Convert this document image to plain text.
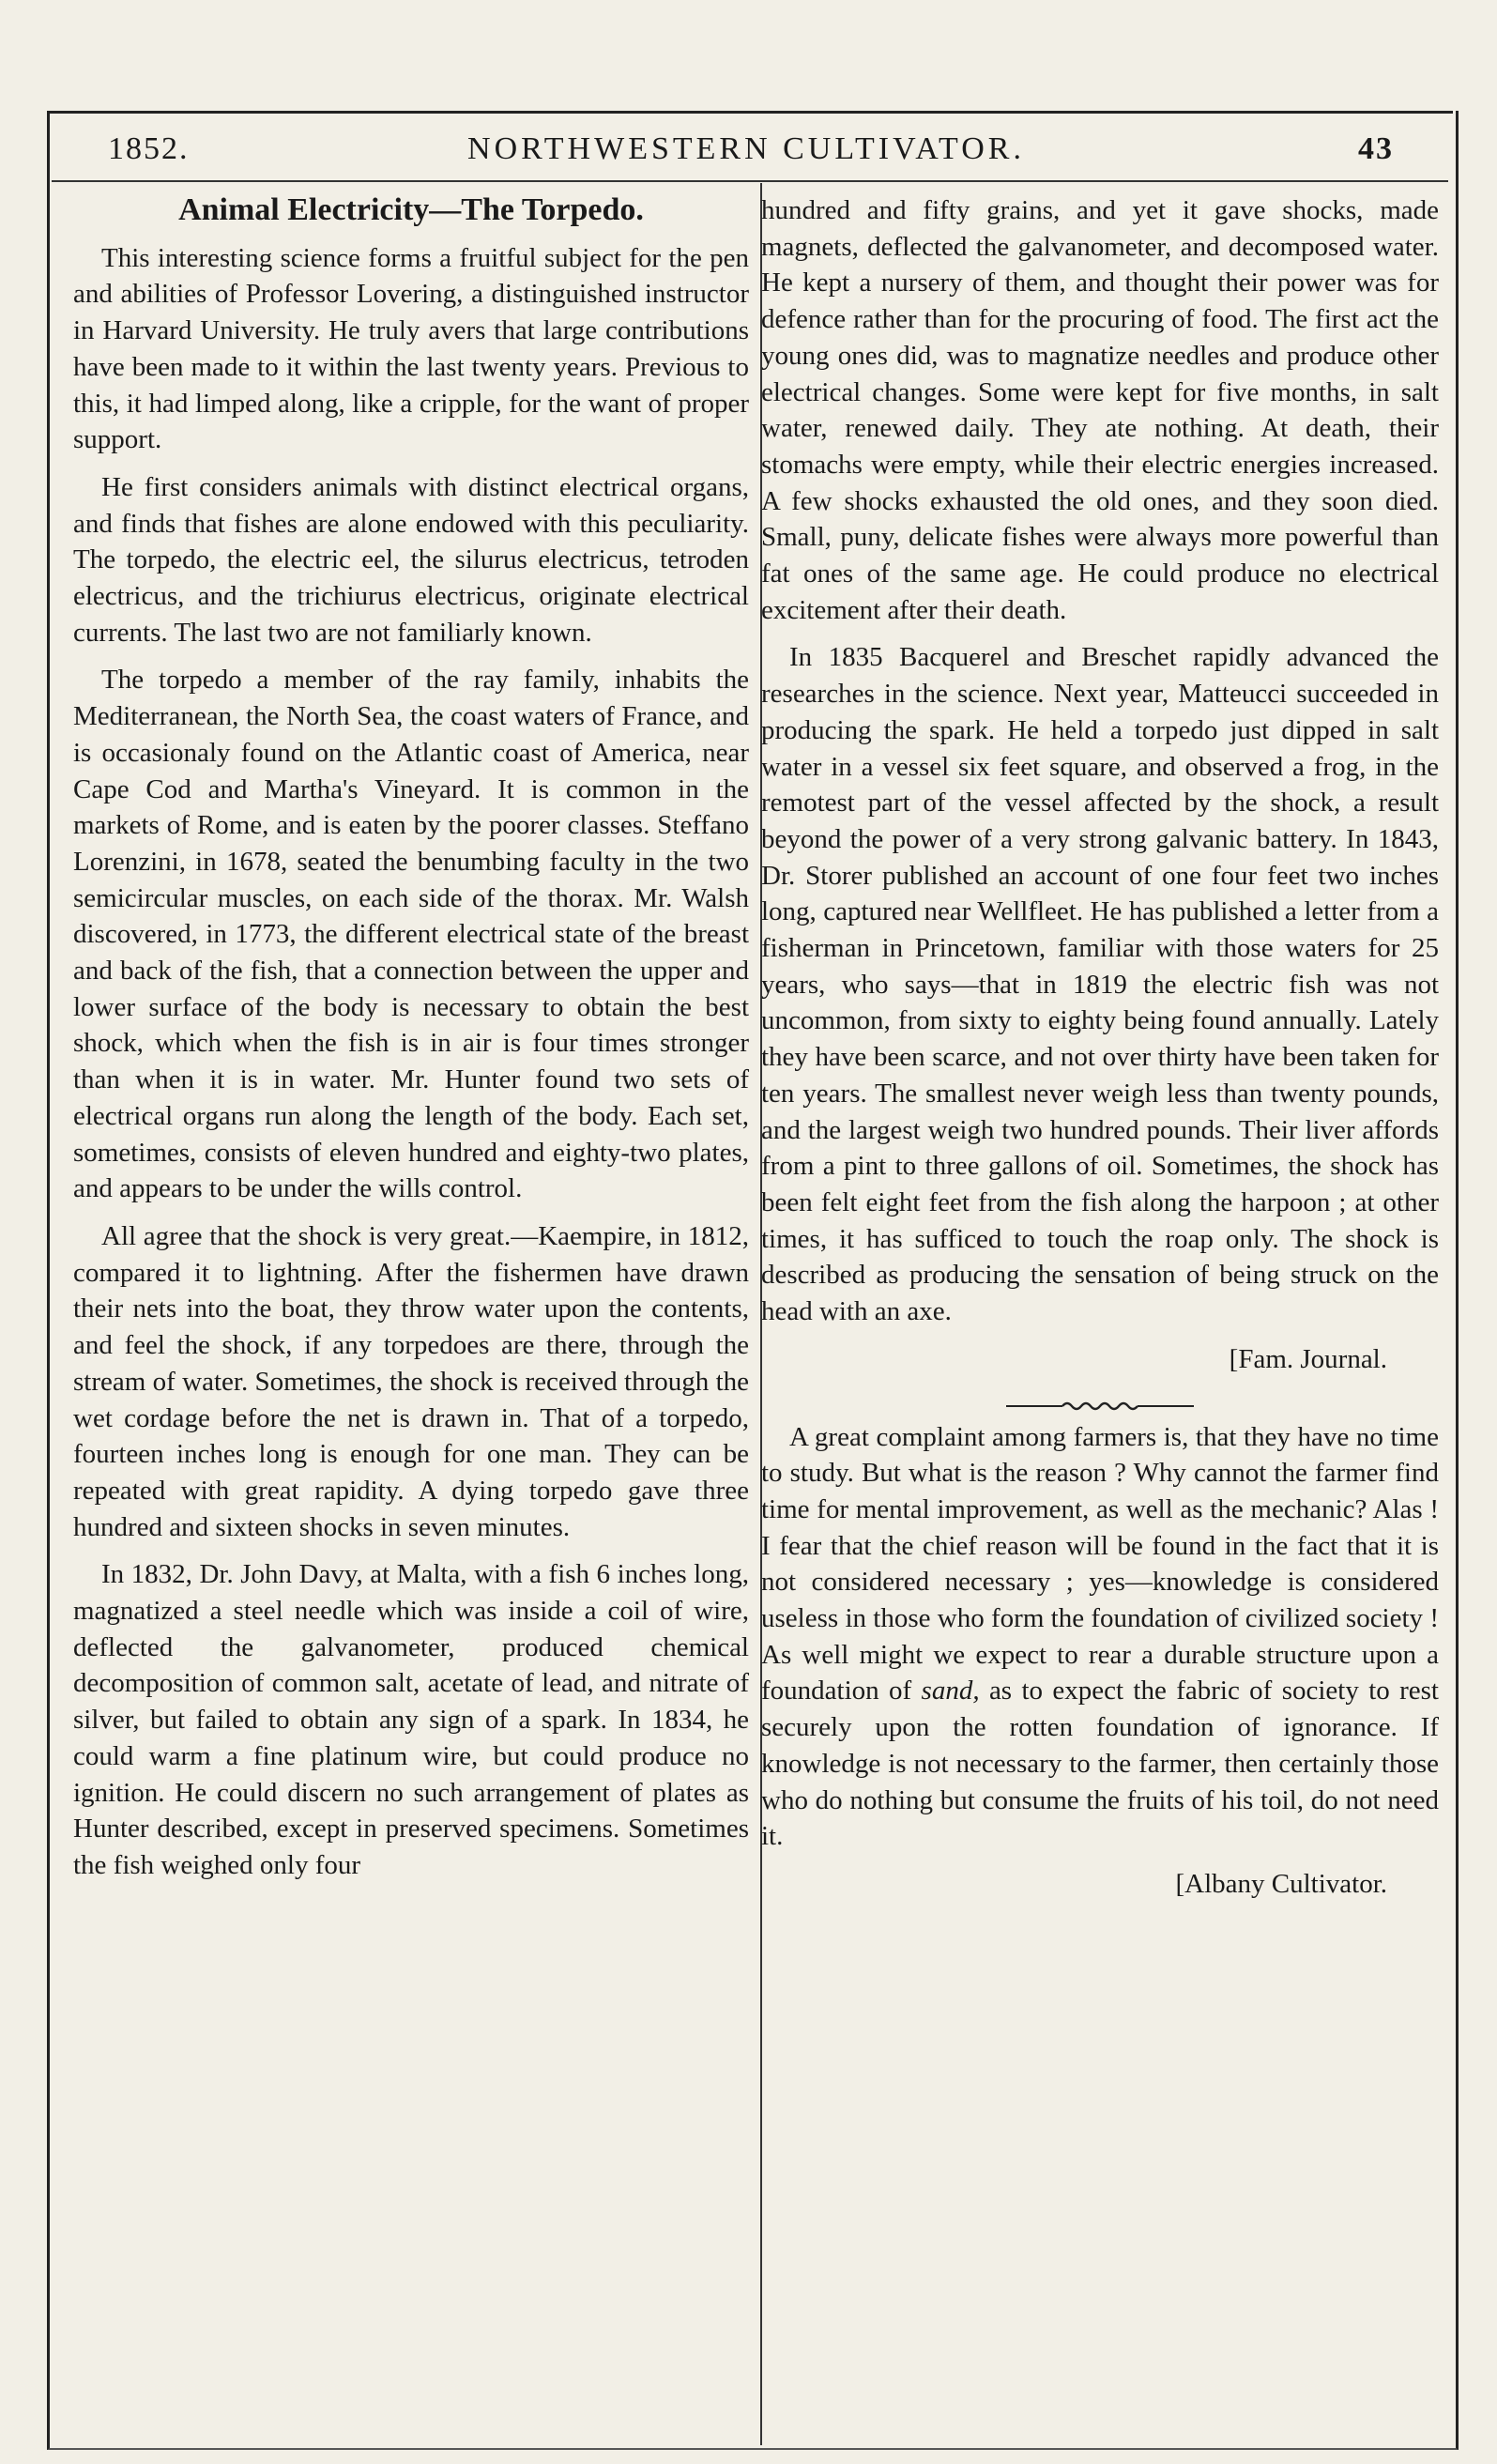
1852.	NORTHWESTERN CULTIVATOR.	43

Animal Electricity—The Torpedo.

This interesting science forms a fruitful subject for the pen and abilities of Professor Lovering, a distinguished instructor in Harvard University. He truly avers that large contributions have been made to it within the last twenty years. Previous to this, it had limped along, like a cripple, for the want of proper support.

He first considers animals with distinct electrical organs, and finds that fishes are alone endowed with this peculiarity. The torpedo, the electric eel, the silurus electricus, tetroden electricus, and the trichiurus electricus, originate electrical currents. The last two are not familiarly known.

The torpedo a member of the ray family, inhabits the Mediterranean, the North Sea, the coast waters of France, and is occasionaly found on the Atlantic coast of America, near Cape Cod and Martha's Vineyard. It is common in the markets of Rome, and is eaten by the poorer classes. Steffano Lorenzini, in 1678, seated the benumbing faculty in the two semicircular muscles, on each side of the thorax. Mr. Walsh discovered, in 1773, the different electrical state of the breast and back of the fish, that a connection between the upper and lower surface of the body is necessary to obtain the best shock, which when the fish is in air is four times stronger than when it is in water. Mr. Hunter found two sets of electrical organs run along the length of the body. Each set, sometimes, consists of eleven hundred and eighty-two plates, and appears to be under the wills control.

All agree that the shock is very great.—Kaempire, in 1812, compared it to lightning. After the fishermen have drawn their nets into the boat, they throw water upon the contents, and feel the shock, if any torpedoes are there, through the stream of water. Sometimes, the shock is received through the wet cordage before the net is drawn in. That of a torpedo, fourteen inches long is enough for one man. They can be repeated with great rapidity. A dying torpedo gave three hundred and sixteen shocks in seven minutes.

In 1832, Dr. John Davy, at Malta, with a fish 6 inches long, magnatized a steel needle which was inside a coil of wire, deflected the galvanometer, produced chemical decomposition of common salt, acetate of lead, and nitrate of silver, but failed to obtain any sign of a spark. In 1834, he could warm a fine platinum wire, but could produce no ignition. He could discern no such arrangement of plates as Hunter described, except in preserved specimens. Sometimes the fish weighed only four

hundred and fifty grains, and yet it gave shocks, made magnets, deflected the galvanometer, and decomposed water. He kept a nursery of them, and thought their power was for defence rather than for the procuring of food. The first act the young ones did, was to magnatize needles and produce other electrical changes. Some were kept for five months, in salt water, renewed daily. They ate nothing. At death, their stomachs were empty, while their electric energies increased. A few shocks exhausted the old ones, and they soon died. Small, puny, delicate fishes were always more powerful than fat ones of the same age. He could produce no electrical excitement after their death.

In 1835 Bacquerel and Breschet rapidly advanced the researches in the science. Next year, Matteucci succeeded in producing the spark. He held a torpedo just dipped in salt water in a vessel six feet square, and observed a frog, in the remotest part of the vessel affected by the shock, a result beyond the power of a very strong galvanic battery. In 1843, Dr. Storer published an account of one four feet two inches long, captured near Wellfleet. He has published a letter from a fisherman in Princetown, familiar with those waters for 25 years, who says—that in 1819 the electric fish was not uncommon, from sixty to eighty being found annually. Lately they have been scarce, and not over thirty have been taken for ten years. The smallest never weigh less than twenty pounds, and the largest weigh two hundred pounds. Their liver affords from a pint to three gallons of oil. Sometimes, the shock has been felt eight feet from the fish along the harpoon ; at other times, it has sufficed to touch the roap only. The shock is described as producing the sensation of being struck on the head with an axe.

[Fam. Journal.

A great complaint among farmers is, that they have no time to study. But what is the reason ? Why cannot the farmer find time for mental improvement, as well as the mechanic? Alas ! I fear that the chief reason will be found in the fact that it is not considered necessary ; yes—knowledge is considered useless in those who form the foundation of civilized society ! As well might we expect to rear a durable structure upon a foundation of sand, as to expect the fabric of society to rest securely upon the rotten foundation of ignorance. If knowledge is not necessary to the farmer, then certainly those who do nothing but consume the fruits of his toil, do not need it.

[Albany Cultivator.
